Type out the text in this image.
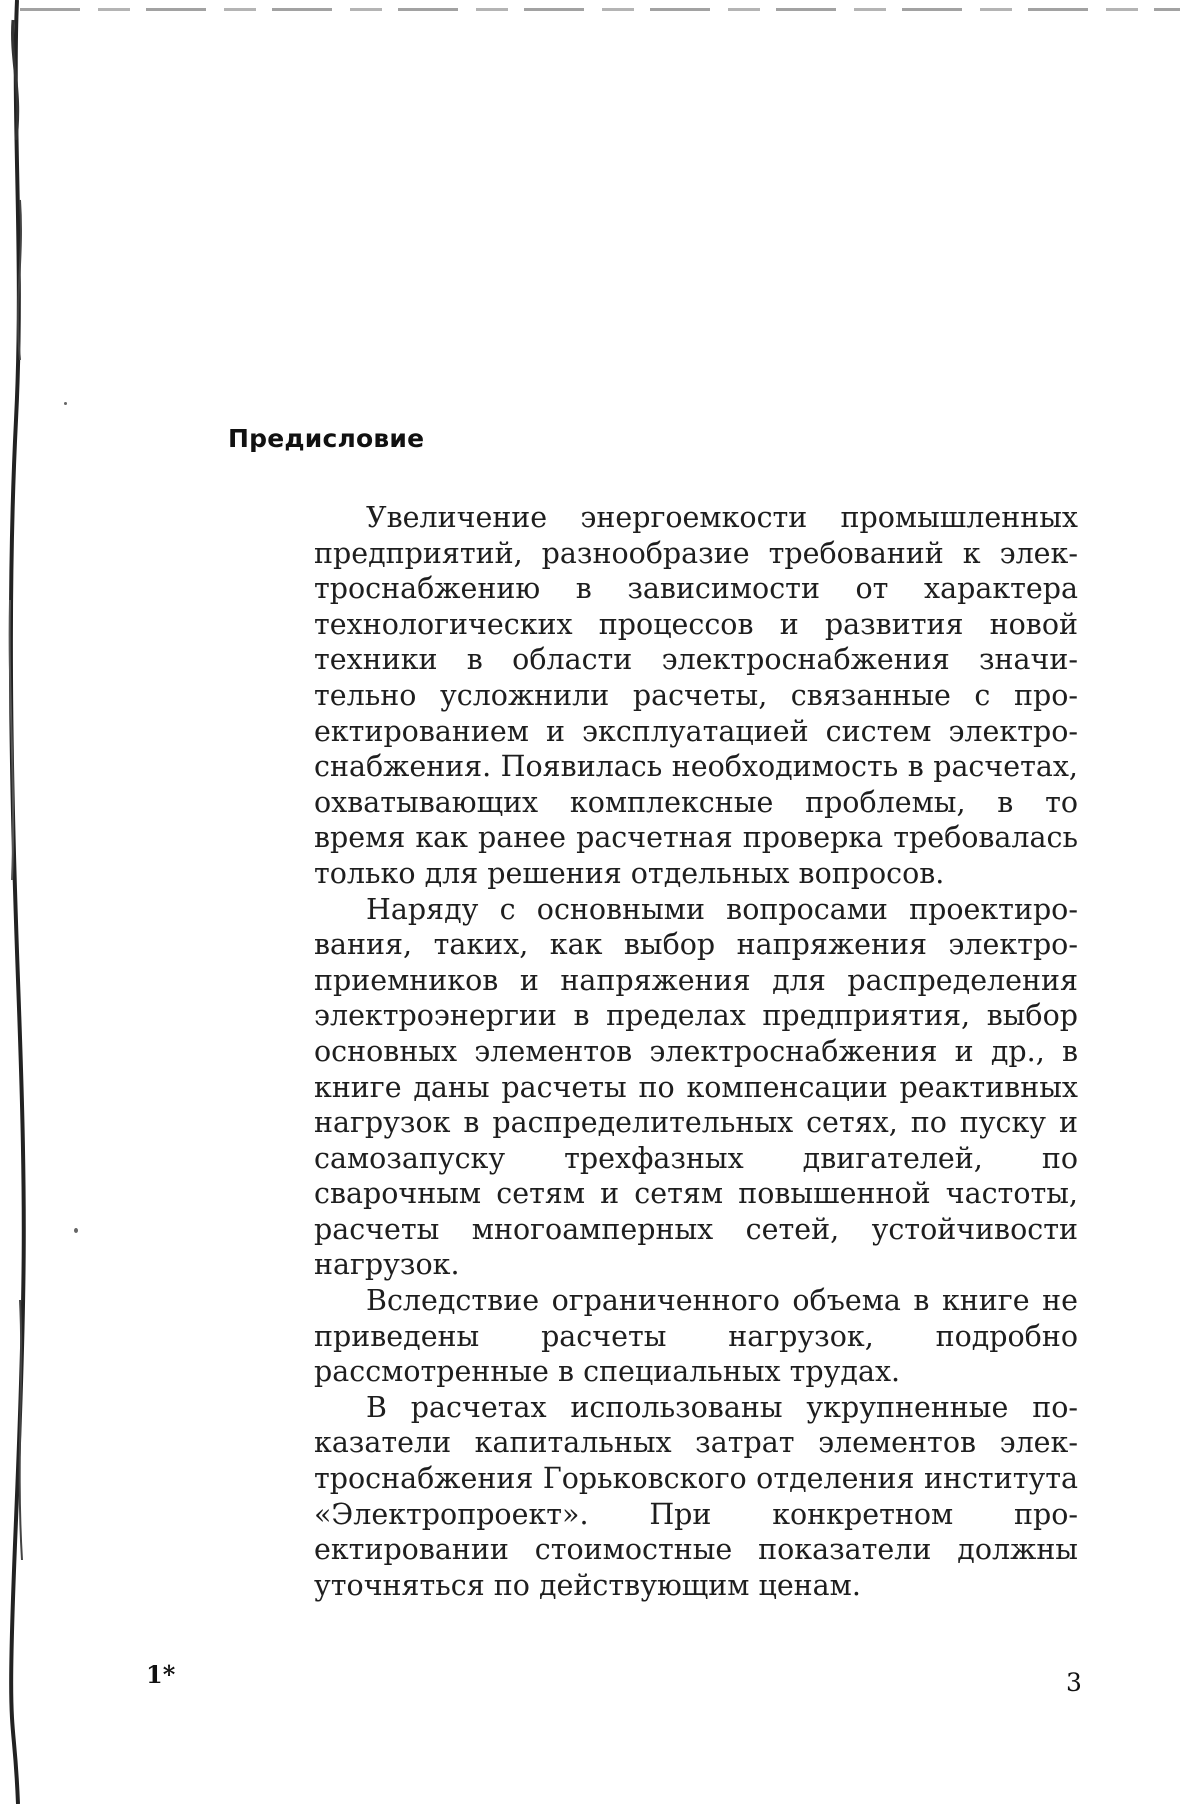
Предисловие

Увеличение энергоемкости промышленных предприятий, разнообразие требований к электроснабжению в зависимости от характера технологических процессов и развития новой техники в области электроснабжения значительно усложнили расчеты, связанные с проектированием и эксплуатацией систем электроснабжения. Появилась необходимость в расчетах, охватывающих комплексные проблемы, в то время как ранее расчетная проверка требовалась только для решения отдельных вопросов.

Наряду с основными вопросами проектирования, таких, как выбор напряжения электроприемников и напряжения для распределения электроэнергии в пределах предприятия, выбор основных элементов электроснабжения и др., в книге даны расчеты по компенсации реактивных нагрузок в распределительных сетях, по пуску и самозапуску трехфазных двигателей, по сварочным сетям и сетям повышенной частоты, расчеты многоамперных сетей, устойчивости нагрузок.

Вследствие ограниченного объема в книге не приведены расчеты нагрузок, подробно рассмотренные в специальных трудах.

В расчетах использованы укрупненные показатели капитальных затрат элементов электроснабжения Горьковского отделения института «Электропроект». При конкретном проектировании стоимостные показатели должны уточняться по действующим ценам.

1*	3
